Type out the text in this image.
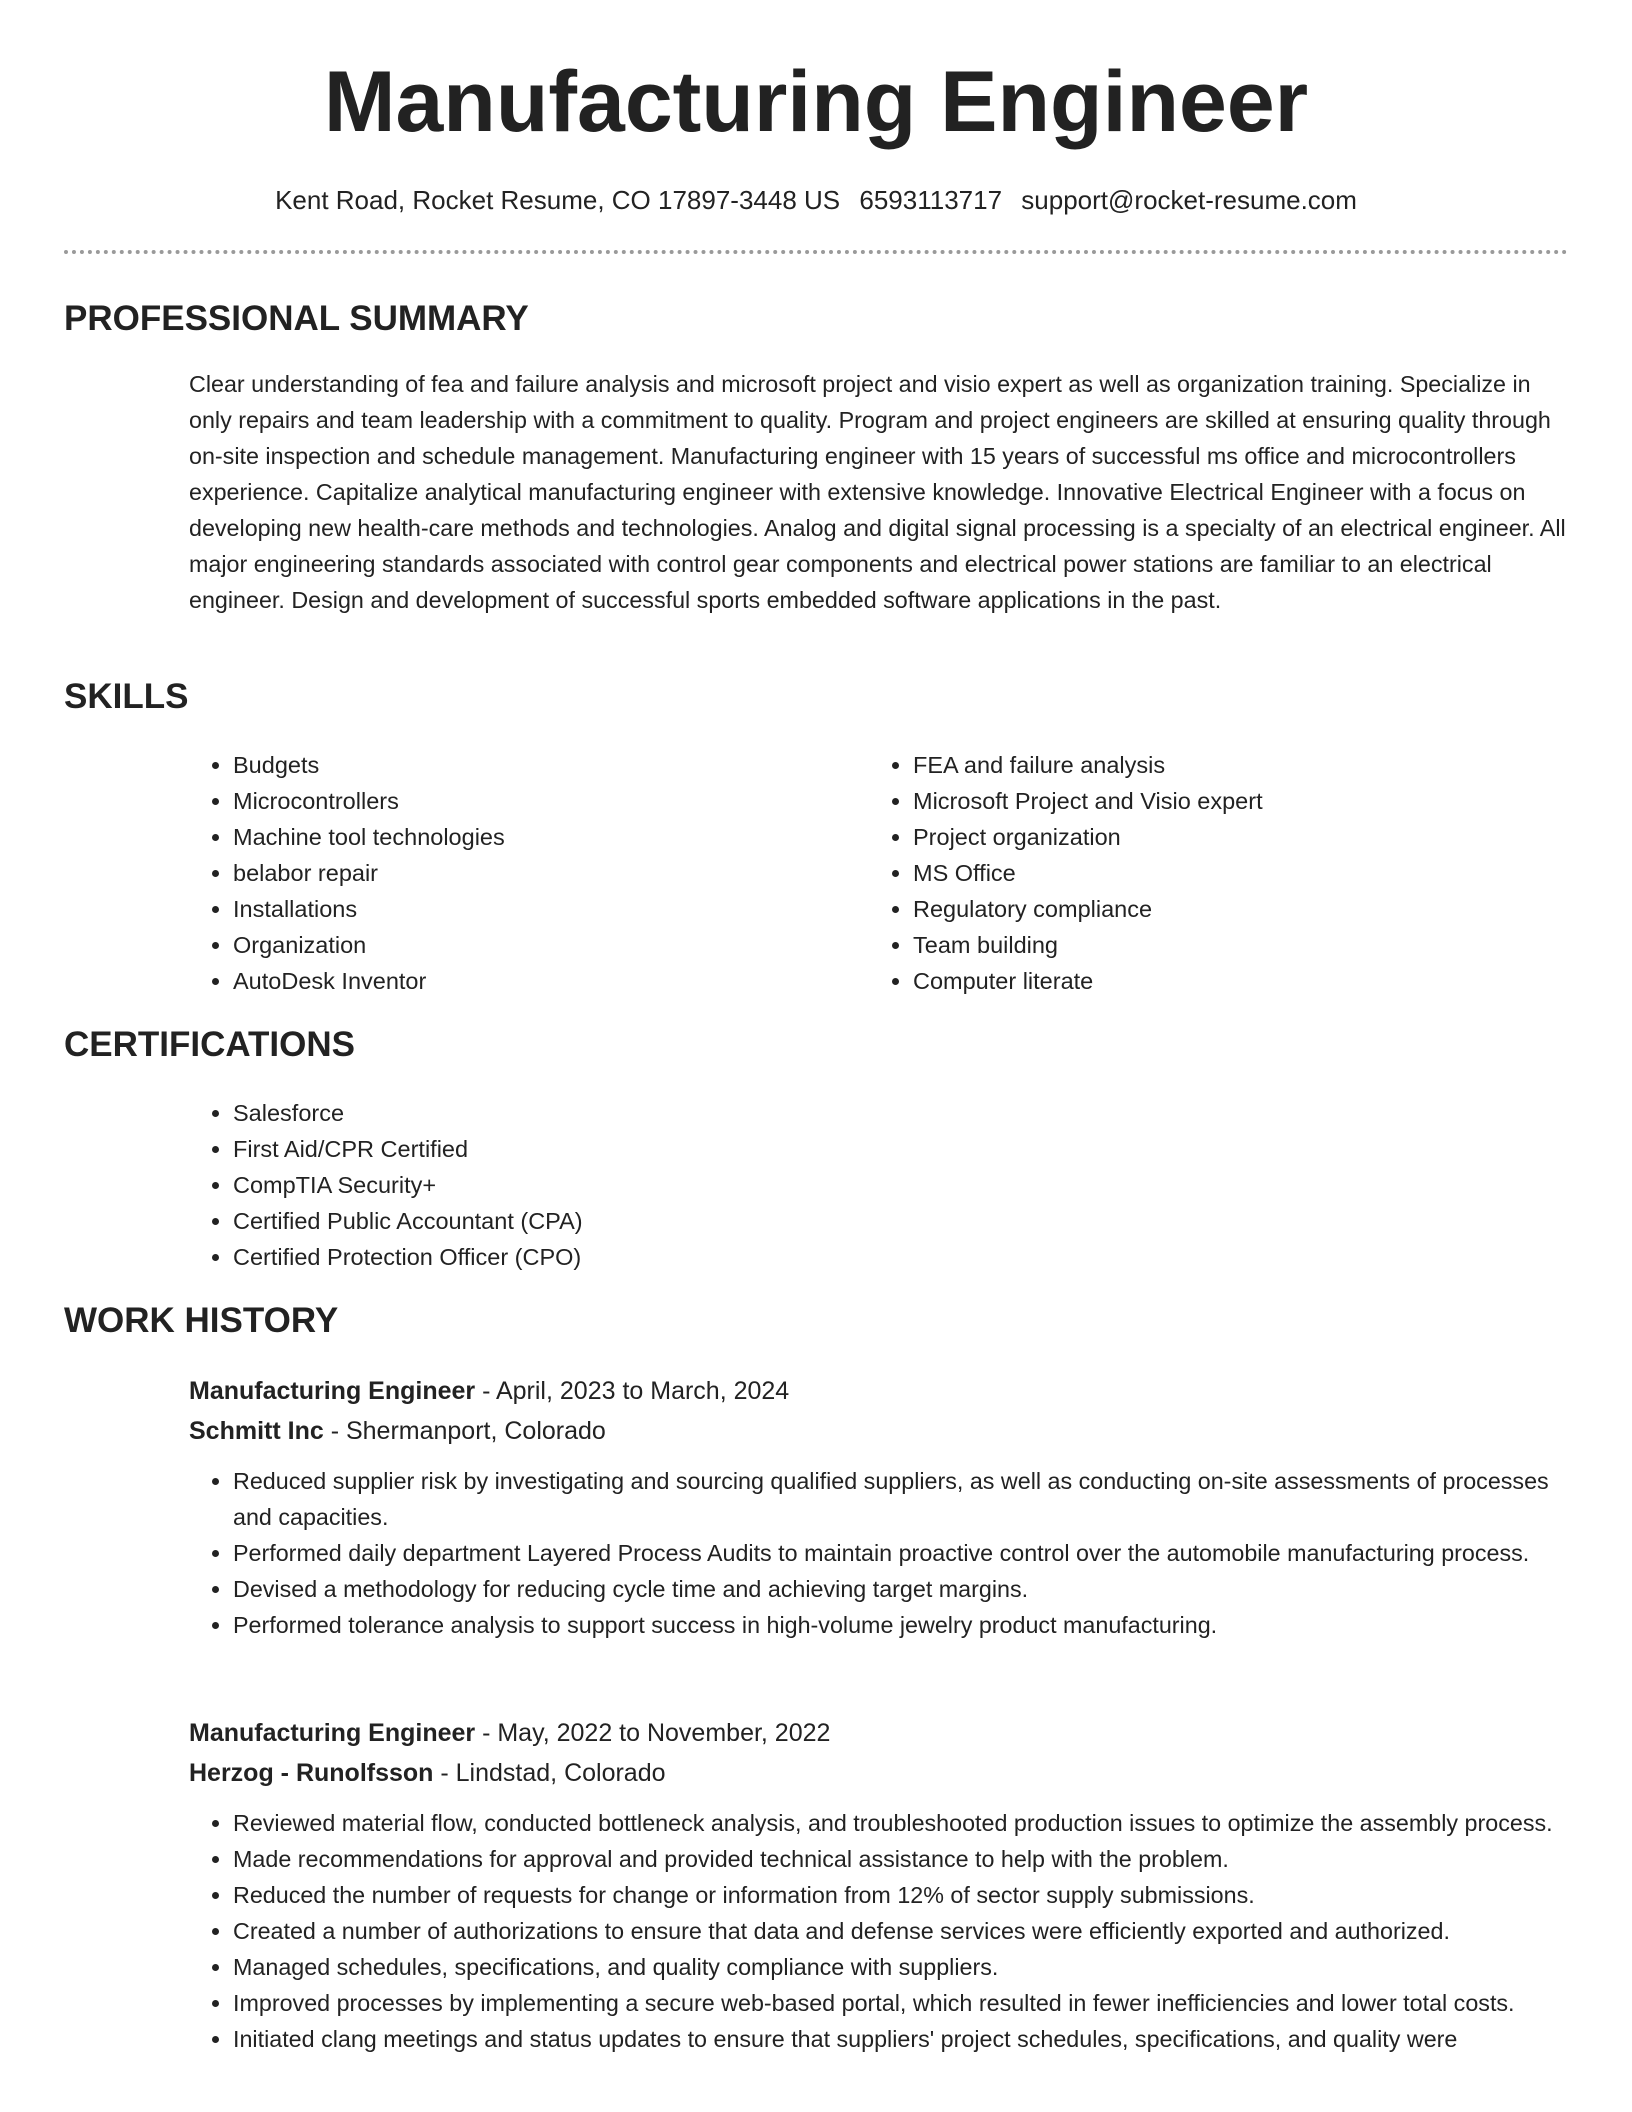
Manufacturing Engineer
Kent Road, Rocket Resume, CO 17897-3448 US 6593113717 support@rocket-resume.com
PROFESSIONAL SUMMARY

Clear understanding of fea and failure analysis and microsoft project and visio expert as well as organization training. Specialize in only repairs and team leadership with a commitment to quality. Program and project engineers are skilled at ensuring quality through on-site inspection and schedule management. Manufacturing engineer with 15 years of successful ms office and microcontrollers experience. Capitalize analytical manufacturing engineer with extensive knowledge. Innovative Electrical Engineer with a focus on developing new health-care methods and technologies. Analog and digital signal processing is a specialty of an electrical engineer. All major engineering standards associated with control gear components and electrical power stations are familiar to an electrical engineer. Design and development of successful sports embedded software applications in the past.

SKILLS
• Budgets
• Microcontrollers
• Machine tool technologies
• belabor repair
• Installations
• Organization
• AutoDesk Inventor
• FEA and failure analysis
• Microsoft Project and Visio expert
• Project organization
• MS Office
• Regulatory compliance
• Team building
• Computer literate
CERTIFICATIONS
• Salesforce
• First Aid/CPR Certified
• CompTIA Security+
• Certified Public Accountant (CPA)
• Certified Protection Officer (CPO)
WORK HISTORY
Manufacturing Engineer - April, 2023 to March, 2024
Schmitt Inc - Shermanport, Colorado
• Reduced supplier risk by investigating and sourcing qualified suppliers, as well as conducting on-site assessments of processes and capacities.
• Performed daily department Layered Process Audits to maintain proactive control over the automobile manufacturing process.
• Devised a methodology for reducing cycle time and achieving target margins.
• Performed tolerance analysis to support success in high-volume jewelry product manufacturing.
Manufacturing Engineer - May, 2022 to November, 2022
Herzog - Runolfsson - Lindstad, Colorado
• Reviewed material flow, conducted bottleneck analysis, and troubleshooted production issues to optimize the assembly process.
• Made recommendations for approval and provided technical assistance to help with the problem.
• Reduced the number of requests for change or information from 12% of sector supply submissions.
• Created a number of authorizations to ensure that data and defense services were efficiently exported and authorized.
• Managed schedules, specifications, and quality compliance with suppliers.
• Improved processes by implementing a secure web-based portal, which resulted in fewer inefficiencies and lower total costs.
• Initiated clang meetings and status updates to ensure that suppliers' project schedules, specifications, and quality were
